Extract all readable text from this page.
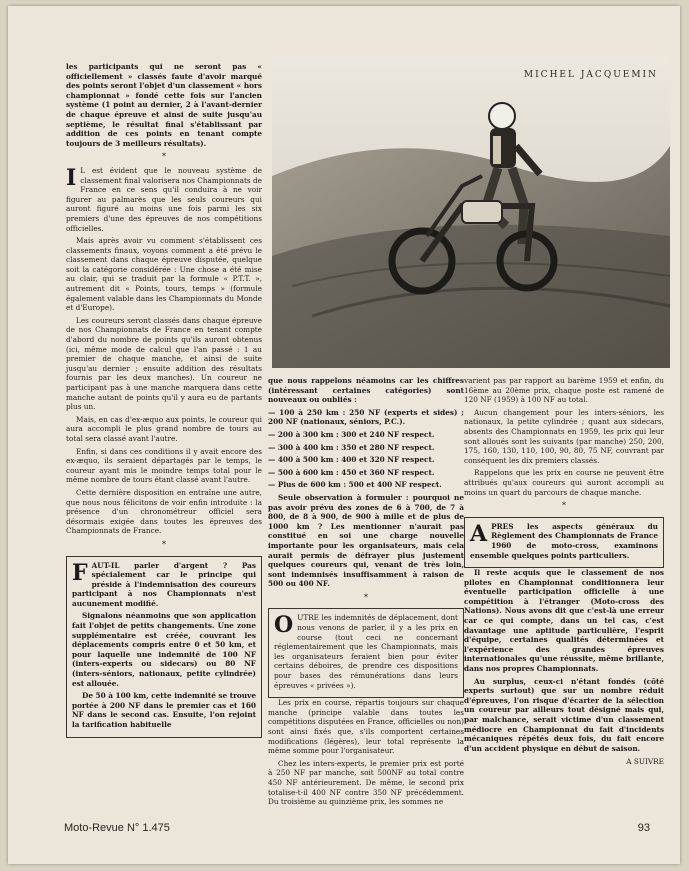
les participants qui ne seront pas « officiellement » classés faute d'avoir marqué des points seront l'objet d'un classement « hors championnat » fondé cette fois sur l'ancien système (1 point au dernier, 2 à l'avant-dernier de chaque épreuve et ainsi de suite jusqu'au septième, le résultat final s'établissant par addition de ces points en tenant compte toujours de 3 meilleurs résultats).

*

I L est évident que le nouveau système de classement final valorisera nos Championnats de France en ce sens qu'il conduira à ne voir figurer au palmarès que les seuls coureurs qui auront figuré au moins une fois parmi les six premiers d'une des épreuves de nos compétitions officielles.

Mais après avoir vu comment s'établissent ces classements finaux, voyons comment a été prévu le classement dans chaque épreuve disputée, quelque soit la catégorie considérée : Une chose a été mise au clair, qui se traduit par la formule « P.T.T. », autrement dit « Points, tours, temps » (formule également valable dans les Championnats du Monde et d'Europe).

Les coureurs seront classés dans chaque épreuve de nos Championnats de France en tenant compte d'abord du nombre de points qu'ils auront obtenus (ici, même mode de calcul que l'an passé : 1 au premier de chaque manche, et ainsi de suite jusqu'au dernier ; ensuite addition des résultats fournis par les deux manches). Un coureur ne participant pas à une manche marquera dans cette manche autant de points qu'il y aura eu de partants plus un.

Mais, en cas d'ex-æquo aux points, le coureur qui aura accompli le plus grand nombre de tours au total sera classé avant l'autre.

Enfin, si dans ces conditions il y avait encore des ex-æquo, ils seraient départagés par le temps, le coureur ayant mis le moindre temps total pour le même nombre de tours étant classé avant l'autre.

Cette dernière disposition en entraîne une autre, que nous nous félicitons de voir enfin introduite : la présence d'un chronométreur officiel sera désormais exigée dans toutes les épreuves des Championnats de France.

*

FAUT-IL parler d'argent ? Pas spécialement car le principe qui préside à l'indemnisation des coureurs participant à nos Championnats n'est aucunement modifié.

Signalons néanmoins que son application fait l'objet de petits changements. Une zone supplémentaire est créée, couvrant les déplacements compris entre 0 et 50 km, et pour laquelle une indemnité de 100 NF (inters-experts ou sidecars) ou 80 NF (inters-séniors, nationaux, petite cylindrée) est allouée.

De 50 à 100 km, cette indemnité se trouve portée à 200 NF dans le premier cas et 160 NF dans le second cas. Ensuite, l'on rejoint la tarification habituelle

MICHEL JACQUEMIN

que nous rappelons néamoins car les chiffres (intéressant certaines catégories) sont nouveaux ou oubliés :

— 100 à 250 km : 250 NF (experts et sides) ; 200 NF (nationaux, séniors, P.C.).

— 200 à 300 km : 300 et 240 NF respect.

— 300 à 400 km : 350 et 280 NF respect.

— 400 à 500 km : 400 et 320 NF respect.

— 500 à 600 km : 450 et 360 NF respect.

— Plus de 600 km : 500 et 400 NF respect.

Seule observation à formuler : pourquoi ne pas avoir prévu des zones de 6 à 700, de 7 à 800, de 8 à 900, de 900 à mille et de plus de 1000 km ? Les mentionner n'aurait pas constitué en soi une charge nouvelle importante pour les organisateurs, mais cela aurait permis de défrayer plus justement quelques coureurs qui, venant de très loin, sont indemnisés insuffisamment à raison de 500 ou 400 NF.

*

OUTRE les indemnités de déplacement, dont nous venons de parler, il y a les prix en course (tout ceci ne concernant réglementairement que les Championnats, mais les organisateurs feraient bien pour éviter certains déboires, de prendre ces dispositions pour bases des rémunérations dans leurs épreuves « privées »).

Les prix en course, répartis toujours sur chaque manche (principe valable dans toutes les compétitions disputées en France, officielles ou non) sont ainsi fixés que, s'ils comportent certaines modifications (légères), leur total représente la même somme pour l'organisateur.

Chez les inters-experts, le premier prix est porté à 250 NF par manche, soit 500NF au total contre 450 NF antérieurement. De même, le second prix totalise-t-il 400 NF contre 350 NF précédemment. Du troisième au quinzième prix, les sommes ne

varient pas par rapport au barème 1959 et enfin, du 16ème au 20ème prix, chaque poste est ramené de 120 NF (1959) à 100 NF au total.

Aucun changement pour les inters-séniors, les nationaux, la petite cylindrée ; quant aux sidecars, absents des Championnats en 1959, les prix qui leur sont alloués sont les suivants (par manche) 250, 200, 175, 160, 130, 110, 100, 90, 80, 75 NF, couvrant par conséquent les dix premiers classés.

Rappelons que les prix en course ne peuvent être attribués qu'aux coureurs qui auront accompli au moins un quart du parcours de chaque manche.

*

APRES les aspects généraux du Règlement des Championnats de France 1960 de moto-cross, examinons ensemble quelques points particuliers.

Il reste acquis que le classement de nos pilotes en Championnat conditionnera leur éventuelle participation officielle à une compétition à l'étranger (Moto-cross des Nations). Nous avons dit que c'est-là une erreur car ce qui compte, dans un tel cas, c'est davantage une aptitude particulière, l'esprit d'équipe, certaines qualités déterminées et l'expérience des grandes épreuves internationales qu'une réussite, même brillante, dans nos propres Championnats.

Au surplus, ceux-ci n'étant fondés (côté experts surtout) que sur un nombre réduit d'épreuves, l'on risque d'écarter de la sélection un coureur par ailleurs tout désigné mais qui, par malchance, serait victime d'un classement médiocre en Championnat du fait d'incidents mécaniques répétés deux fois, du fait encore d'un accident physique en début de saison.

A SUIVRE
Moto-Revue N° 1.475	93
